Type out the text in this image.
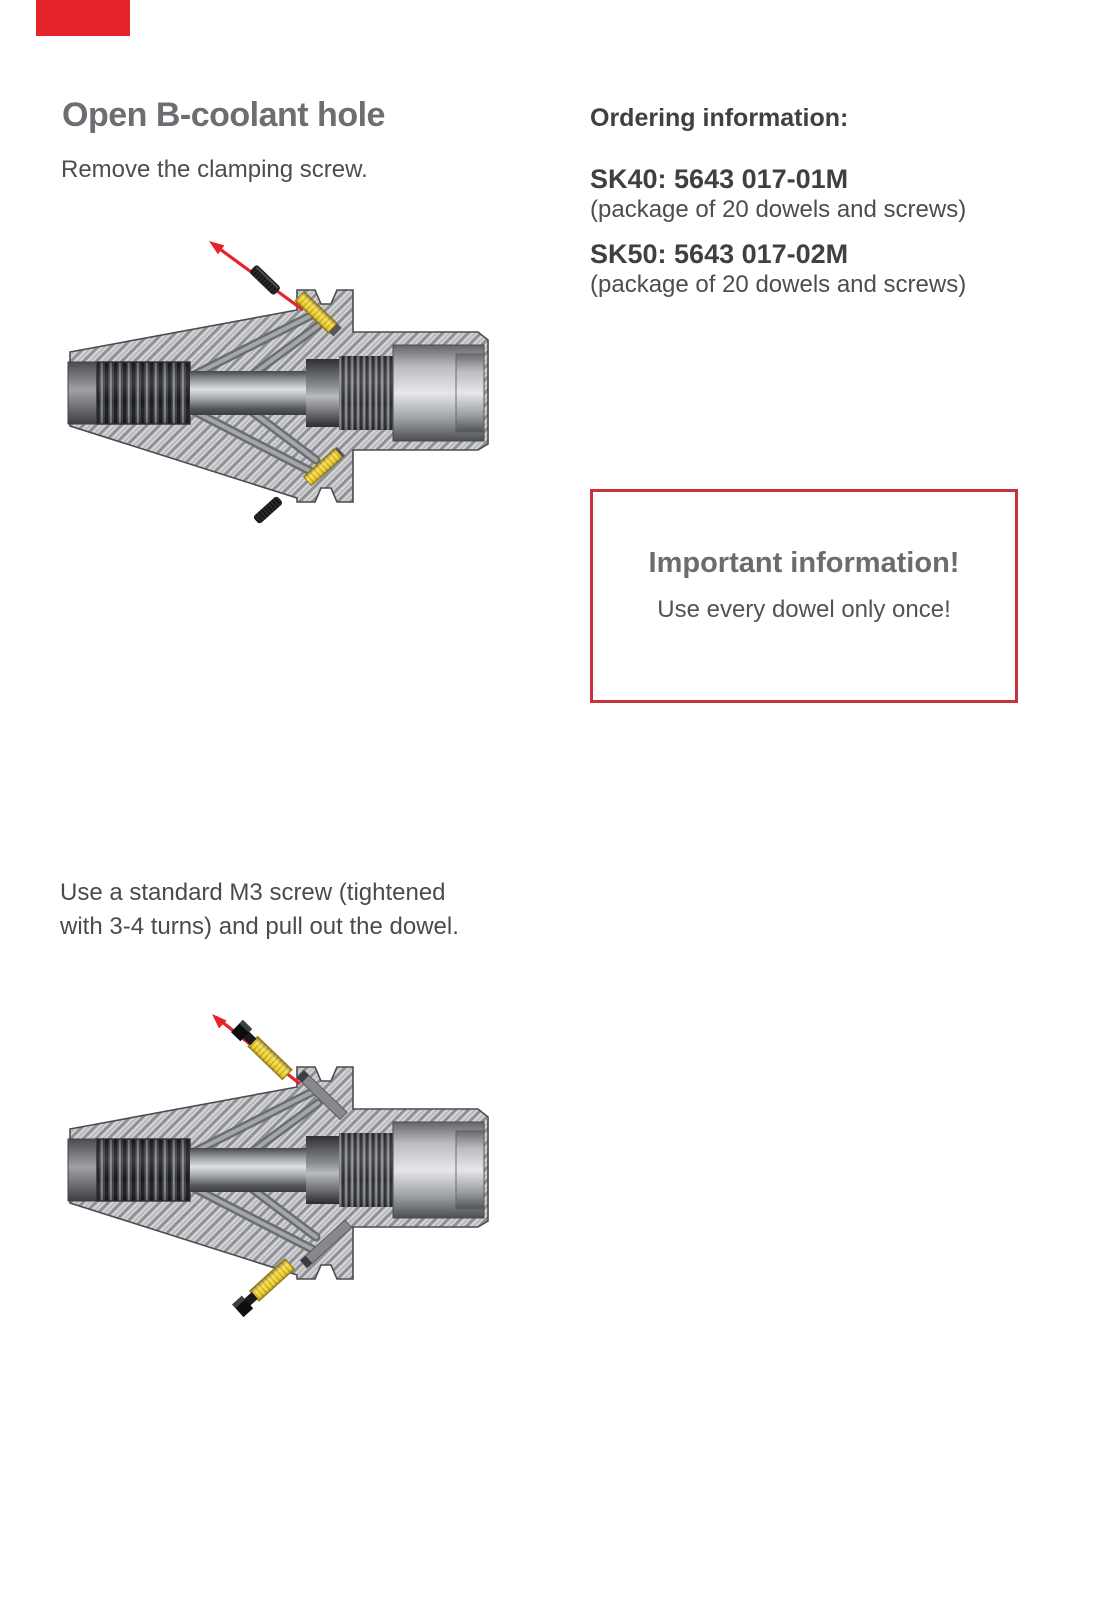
Open B-coolant hole
Remove the clamping screw.

Ordering information:

SK40: 5643 017-01M

(package of 20 dowels and screws)

SK50: 5643 017-02M

(package of 20 dowels and screws)

Important information!
Use every dowel only once!
Use a standard M3 screw (tightened
with 3-4 turns) and pull out the dowel.
